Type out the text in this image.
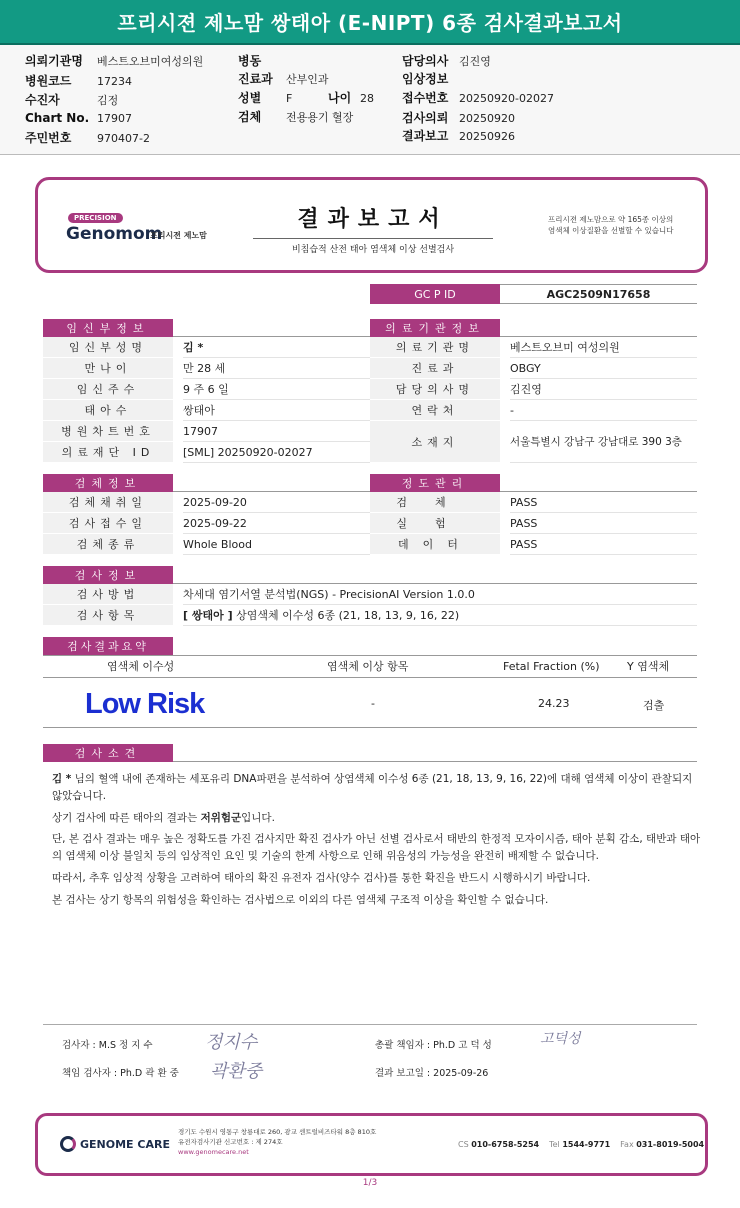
프리시젼 제노맘 쌍태아 (E-NIPT) 6종 검사결과보고서
의뢰기관명	베스트오브미여성의원
병원코드	17234
수진자	김정
Chart No. 17907
주민번호	970407-2
병동
진료과	산부인과
성별	F	나이 28
검체	전용용기 혈장
담당의사 김진영
임상정보
접수번호 20250920-02027
검사의뢰 20250920
결과보고 20250926
PRECISION
Genomom
프리시젼 제노맘
결과보고서
비침습적 산전 태아 염색체 이상 선별검사
프리시젼 제노맘으로 약 165종 이상의
염색체 이상질환을 선별할 수 있습니다
GC P ID	AGC2509N17658
임신부정보	의료기관정보
임신부성명	김 *
만나이	만 28 세
임신주수	9 주 6 일
태아수	쌍태아
병원차트번호	17907
의료재단 ID	[SML] 20250920-02027
의료기관명	베스트오브미 여성의원
진료과	OBGY
담당의사명	김진영
연락처	-
소재지	서울특별시 강남구 강남대로 390 3층
검체정보	정도관리
검체채취일	2025-09-20
검사접수일	2025-09-22
검체종류	Whole Blood
검체	PASS
실험	PASS
데이터	PASS
검사정보
검사방법	차세대 염기서열 분석법(NGS) - PrecisionAI Version 1.0.0
검사항목	[ 쌍태아 ]
상염색체 이수성 6종 (21, 18, 13, 9, 16, 22)
검사결과요약
염색체 이수성	염색체 이상 항목	Fetal Fraction (%) Y 염색체
Low Risk	-	24.23	검출
검사소견

김 * 님의 혈액 내에 존재하는 세포유리 DNA파편을 분석하여 상염색체 이수성 6종 (21, 18, 13, 9, 16, 22)에 대해 염색체 이상이 관찰되지 않았습니다.

상기 검사에 따른 태아의 결과는 저위험군입니다.

단, 본 검사 결과는 매우 높은 정확도를 가진 검사지만 확진 검사가 아닌 선별 검사로서 태반의 한정적 모자이시즘, 태아 분획 감소, 태반과 태아의 염색체 이상 불일치 등의 임상적인 요인 및 기술의 한계 사항으로 인해 위음성의 가능성을 완전히 배제할 수 없습니다.

따라서, 추후 임상적 상황을 고려하여 태아의 확진 유전자 검사(양수 검사)를 통한 확진을 반드시 시행하시기 바랍니다.

본 검사는 상기 항목의 위험성을 확인하는 검사법으로 이외의 다른 염색체 구조적 이상을 확인할 수 없습니다.

검사자 : M.S 정 지 수	정지수
책임 검사자 : Ph.D 곽 환 중 곽환중
총괄 책임자 : Ph.D 고 덕 성	고덕성
결과 보고일 : 2025-09-26
GENOME CARE
경기도 수원시 영통구 창룡대로 260, 광교 센트럴비즈타워 8층 810호
유전자검사기관 신고번호 : 제 274호
www.genomecare.net
CS 010-6758-5254 Tel 1544-9771 Fax 031-8019-5004
1/3
